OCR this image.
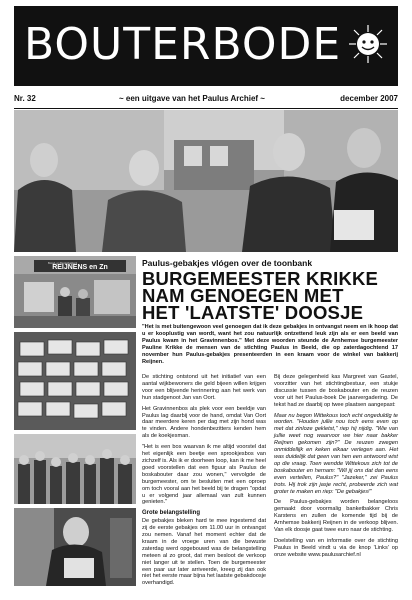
BOUTERBODE
Nr. 32	~ een uitgave van het Paulus Archief ~	december 2007
REIJNENS en Zn
Brood- en Banketbakkerij	Paulus-gebakjes vlógen over de toonbank
BURGEMEESTER KRIKKE
NAM GENOEGEN MET
HET 'LAATSTE' DOOSJE
"Het is met buitengewoon veel genoegen dat ik deze gebakjes in ontvangst neem en ik hoop dat u er kooplustig van wordt, want het zou natuurlijk ontzettend leuk zijn als er een beeld van Paulus kwam in het Gravinnenbos." Met deze woorden steunde de Arnhemse burgemeester Pauline Krikke de mensen van de stichting Paulus in Beeld, die op zaterdagochtend 17 november hun Paulus-gebakjes presenteerden in een kraam voor de winkel van bakkerij Reijnen.

De stichting ontstond uit het initiatief van een aantal wijkbewoners die geld bijeen willen krijgen voor een blijvende herinnering aan het werk van hun stadgenoot Jan van Oort.

Het Gravinnenbos als plek voor een beeldje van Paulus lag daarbij voor de hand, omdat Van Oort daar meerdere keren per dag met zijn hond was te vinden. Andere hondenbezitters kenden hem als de koekjesman.

"Het is een bos waarvan ik me altijd voorstel dat het eigenlijk een beetje een sprookjesbos van zichzelf is. Als ik er doorheen loop, kan ik me heel goed voorstellen dat een figuur als Paulus de boskabouter daar zou wonen," vervolgde de burgemeester, om te besluiten met een oproep om toch vooral aan het beeld bij te dragen "opdat u er volgend jaar allemaal van zult kunnen genieten."

Grote belangstelling

De gebakjes bleken hard te mee ingestemd dat zij de eerste gebakjes om 11.00 uur in ontvangst zou nemen. Vanaf het moment echter dat de kraam in de vroege uren van die bewuste zaterdag werd opgebouwd was de belangstelling meteen al zo groot, dat men besloot de verkoop niet langer uit te stellen. Toen de burgemeester een paar uur later arriveerde, kreeg zij dan ook niet het eerste maar bijna het laatste gebakdoosje overhandigd.

Bij deze gelegenheid kas Margreet van Gastel, voorzitter van het stichtingbestuur, een stukje discussie tussen de boskabouter en de reuzen voor uit het Paulus-boek De jaarvergadering. De tekst had ze daarbij op twee plaatsen aangepast:

Maar nu begon Wittekous toch echt ongeduldig te worden. "Houden jullie nou toch eens even op met dat zinloze gekletst," riep hij nijdig. "Wie van jullie weet nog waarvoor we hier naar bakker Reijnen gekomen zijn?" De reuzen zwegen onmiddellijk en keken elkaar verlegen aan. Het was duidelijk dat geen van hen een antwoord wist op die vraag. Toen wendde Wittekous zich tot de boskabouter en hernam: "Wil jij ons dat dan eens even vertellen, Paulus?" "Jazeker," zei Paulus trots. Hij trok zijn jasje recht, probeerde zich wat groter te maken en riep: "De gebakjes!"

De Paulus-gebakjes worden belangeloos gemaakt door voormalig banketbakker Chris Karstens en zullen de komende tijd bij de Arnhemse bakkerij Reijnen in de verkoop blijven. Van elk doosje gaat twee euro naar de stichting.

Doelstelling van en informatie over de stichting Paulus in Beeld vindt u via de knop 'Links' op onze website www.paulusarchief.nl
